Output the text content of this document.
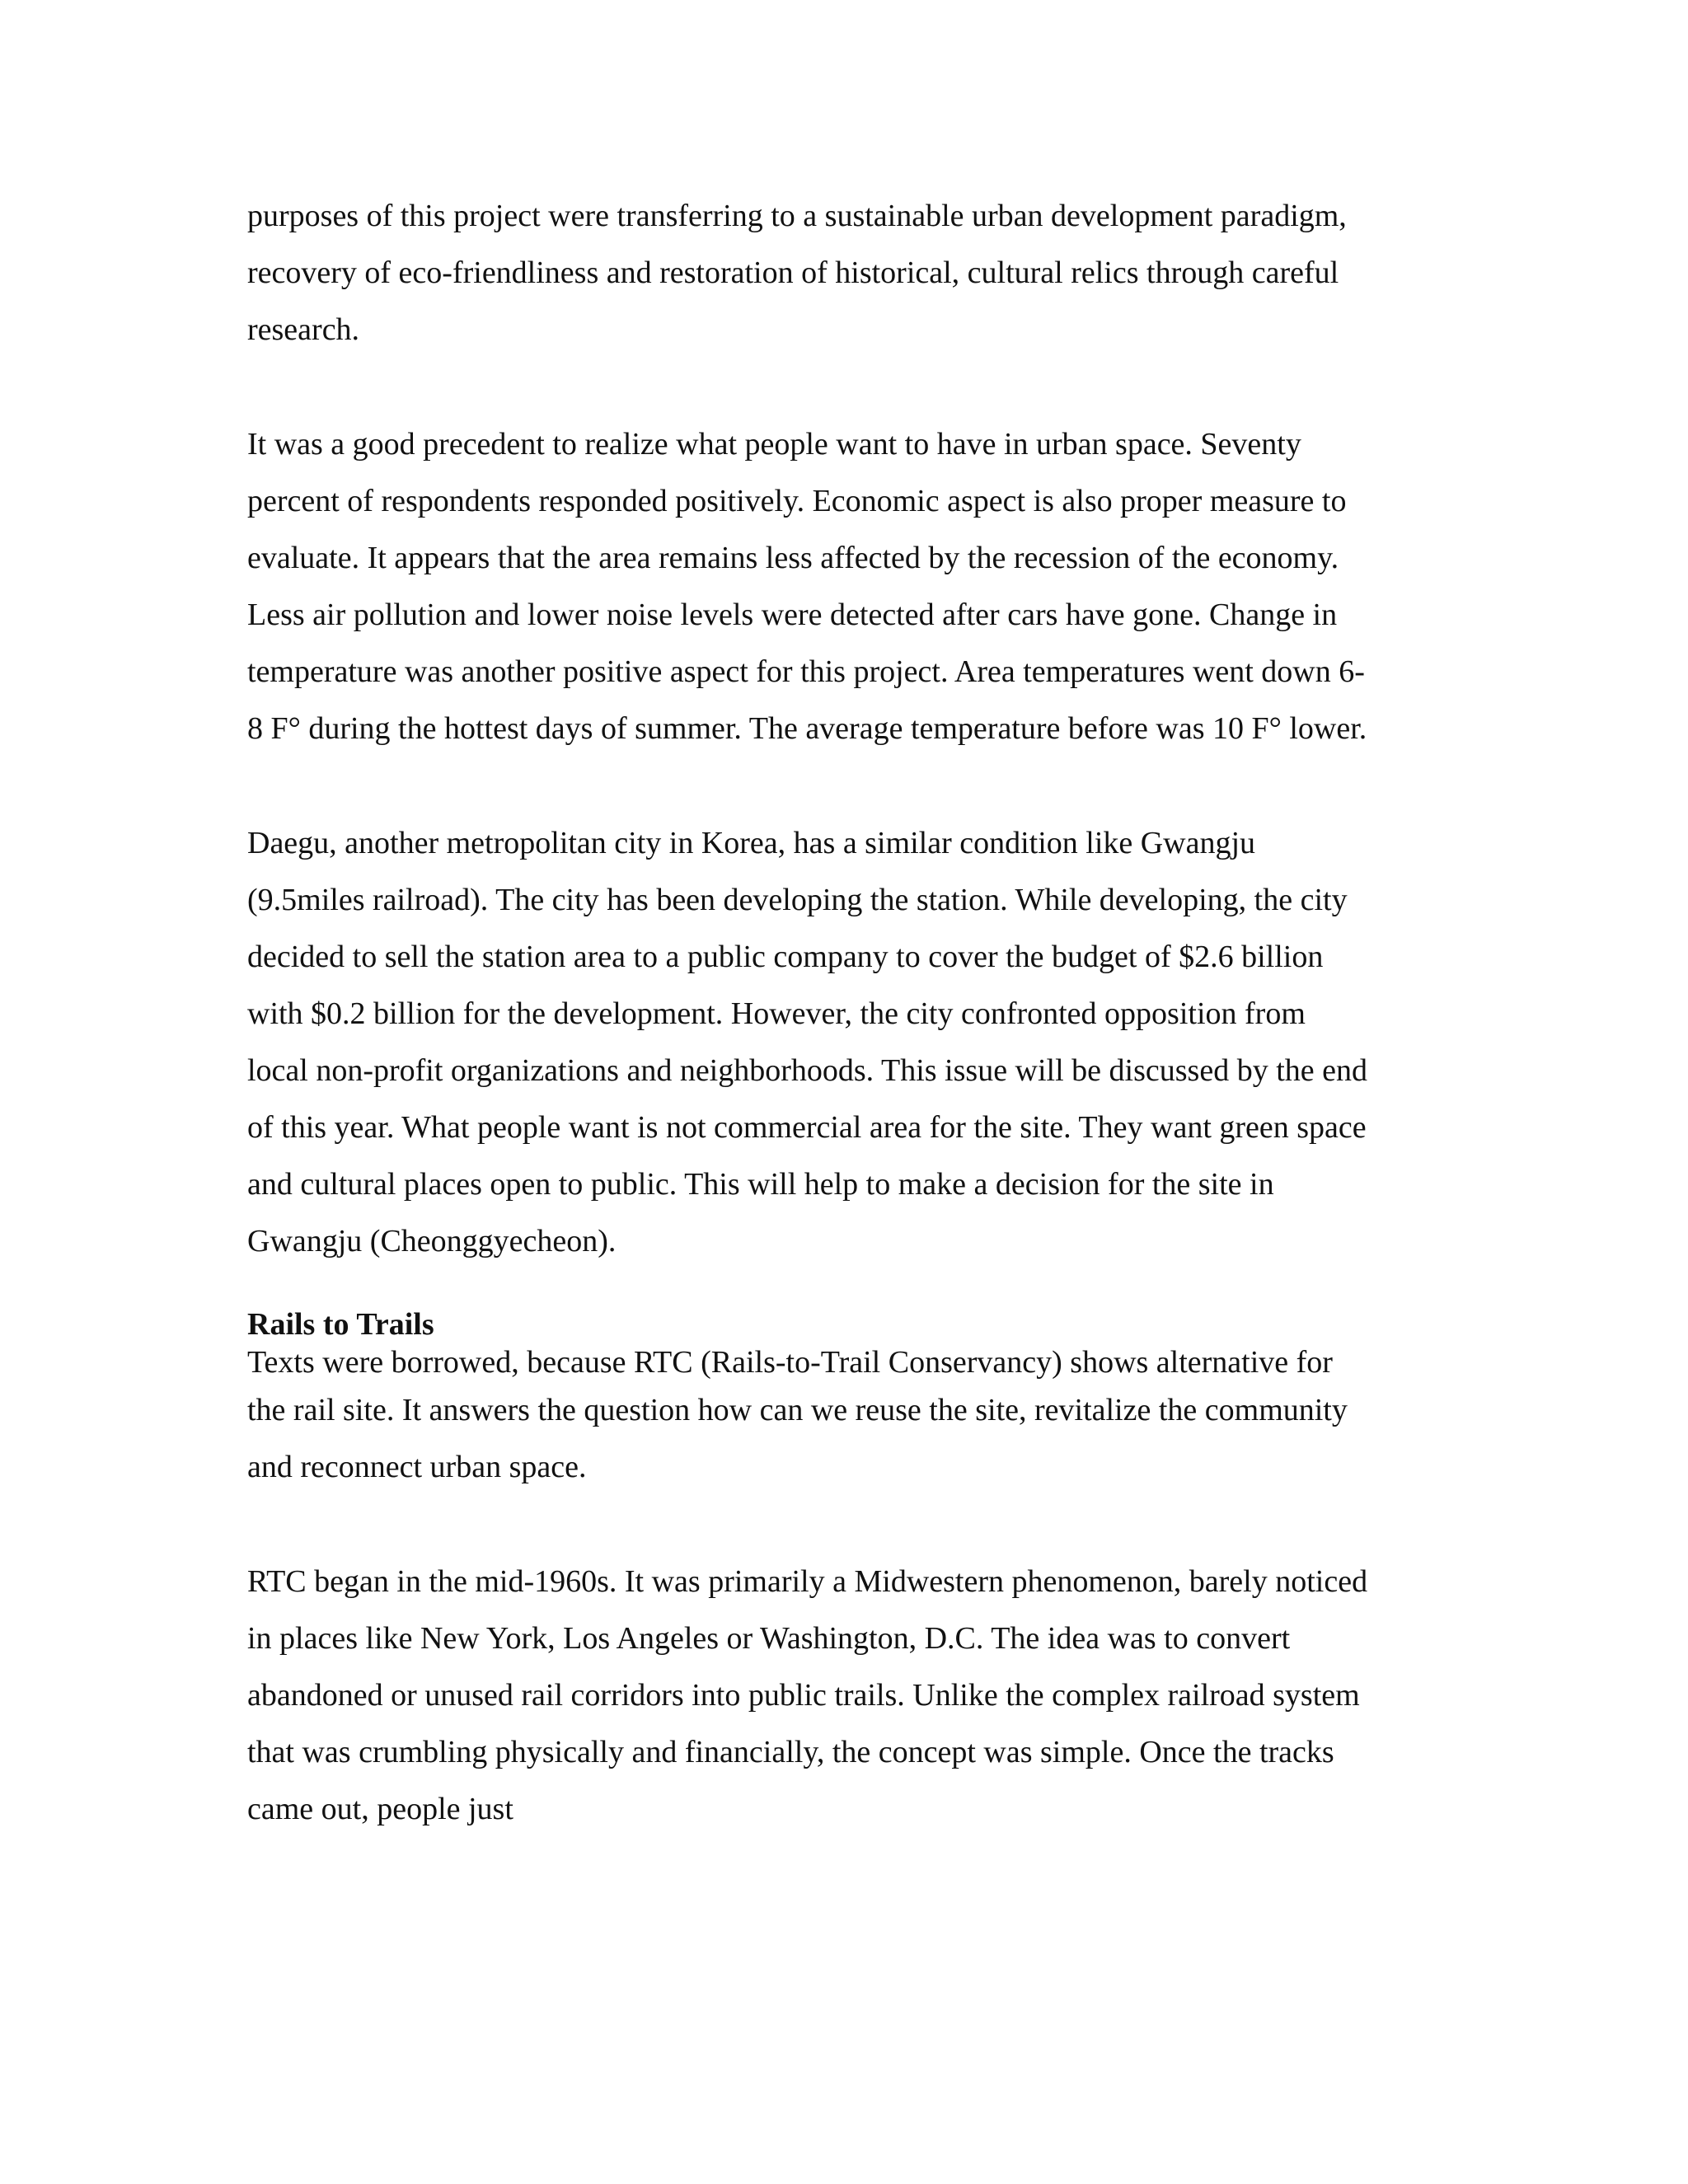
purposes of this project were transferring to a sustainable urban development paradigm,
recovery of eco-friendliness and restoration of historical, cultural relics through careful
research.

It was a good precedent to realize what people want to have in urban space. Seventy
percent of respondents responded positively. Economic aspect is also proper measure to
evaluate. It appears that the area remains less affected by the recession of the economy.
Less air pollution and lower noise levels were detected after cars have gone. Change in
temperature was another positive aspect for this project. Area temperatures went down 6-
8 F° during the hottest days of summer. The average temperature before was 10 F° lower.

Daegu, another metropolitan city in Korea, has a similar condition like Gwangju
(9.5miles railroad). The city has been developing the station. While developing, the city
decided to sell the station area to a public company to cover the budget of $2.6 billion
with $0.2 billion for the development. However, the city confronted opposition from
local non-profit organizations and neighborhoods. This issue will be discussed by the end
of this year. What people want is not commercial area for the site. They want green space
and cultural places open to public. This will help to make a decision for the site in
Gwangju (Cheonggyecheon).

Rails to Trails

Texts were borrowed, because RTC (Rails-to-Trail Conservancy) shows alternative for
the rail site. It answers the question how can we reuse the site, revitalize the community
and reconnect urban space.

RTC began in the mid-1960s. It was primarily a Midwestern phenomenon, barely noticed
in places like New York, Los Angeles or Washington, D.C. The idea was to convert
abandoned or unused rail corridors into public trails. Unlike the complex railroad system
that was crumbling physically and financially, the concept was simple. Once the tracks
came out, people just
